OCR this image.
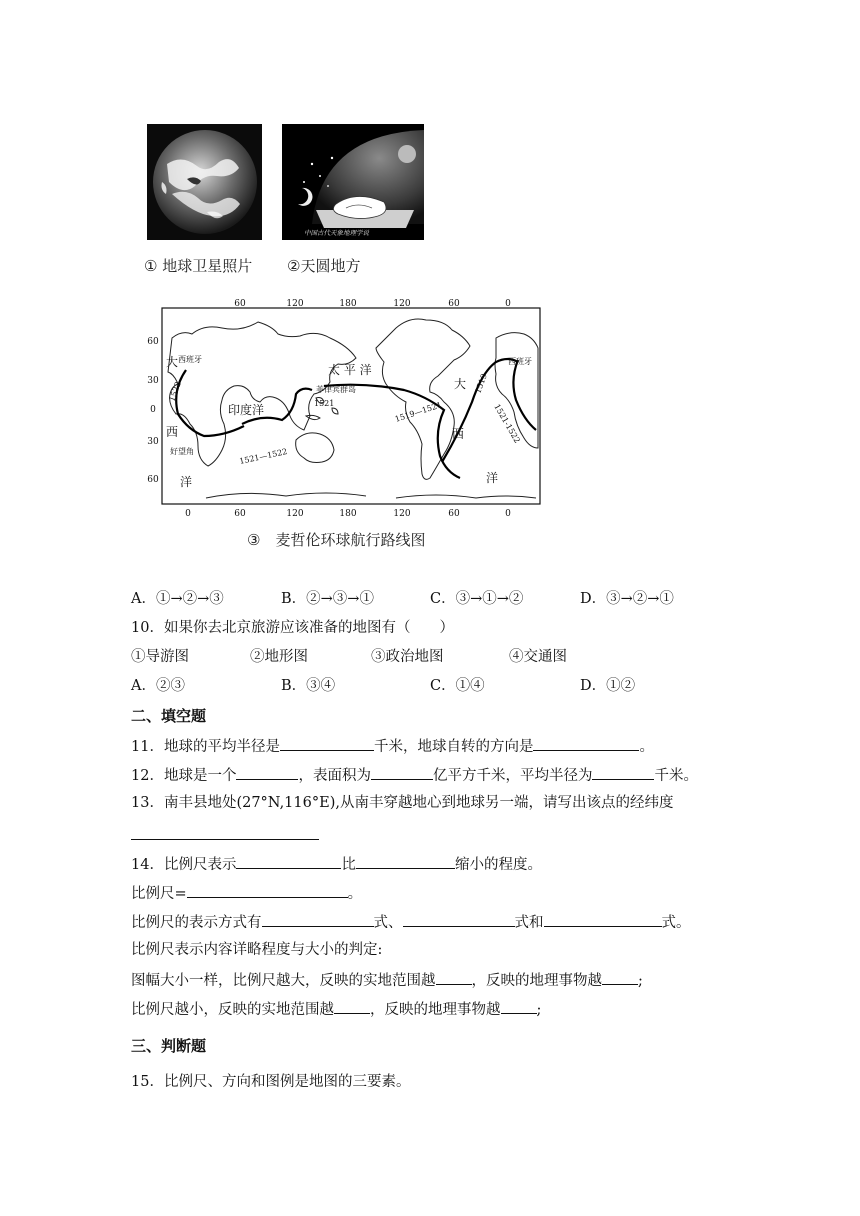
中国古代天象地理学说
① 地球卫星照片 ②天圆地方
60	120	180	120	60	0
0	60	120	180	120	60	0
60
30
0
30
60
太 平 洋
印度洋
大
西
洋
大
西
洋
西班牙	西班牙
菲律宾群岛
好望角
1521	1519—1521
1521—1522
1519
1521-1522
1522
③　麦哲伦环球航行路线图
A．①→②→③	B．②→③→①	C．③→①→②	D．③→②→①
10．如果你去北京旅游应该准备的地图有（　　）
①导游图	②地形图	③政治地图	④交通图
A．②③	B．③④	C．①④	D．①②
二、填空题
11．地球的平均半径是	千米，地球自转的方向是	。
12．地球是一个	，表面积为	亿平方千米，平均半径为	千米。
13．南丰县地处(27°N,116°E),从南丰穿越地心到地球另一端，请写出该点的经纬度
14．比例尺表示	比	缩小的程度。
比例尺=	。
比例尺的表示方式有	式、	式和	式。
比例尺表示内容详略程度与大小的判定:
图幅大小一样，比例尺越大，反映的实地范围越 ，反映的地理事物越 ;
比例尺越小，反映的实地范围越 ，反映的地理事物越 ;
三、判断题
15．比例尺、方向和图例是地图的三要素。
